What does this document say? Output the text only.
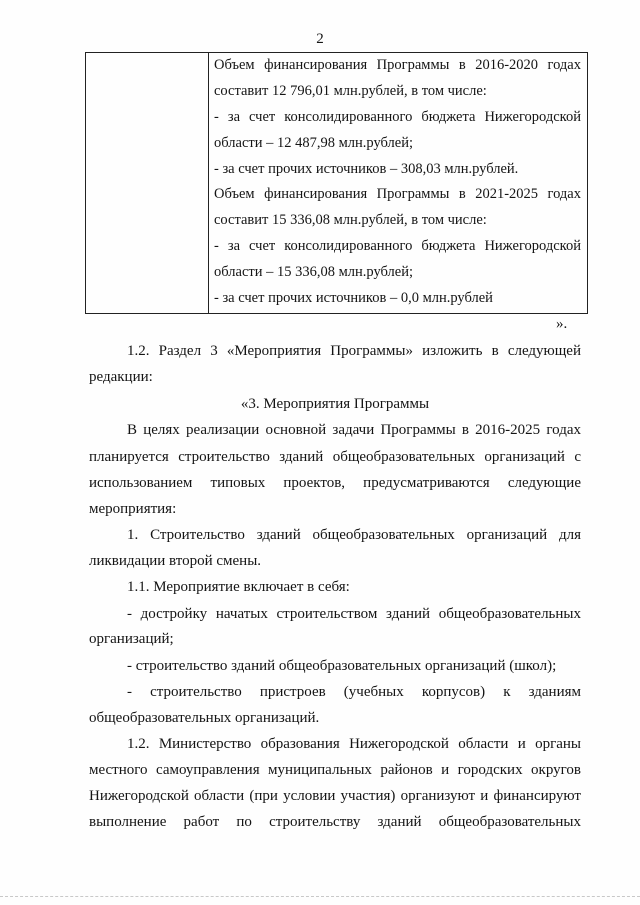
2
Объем финансирования Программы в 2016-2020 годах
составит 12 796,01 млн.рублей, в том числе:
- за счет консолидированного бюджета Нижегородской
области – 12 487,98 млн.рублей;
- за счет прочих источников – 308,03 млн.рублей.
Объем финансирования Программы в 2021-2025 годах
составит 15 336,08 млн.рублей, в том числе:
- за счет консолидированного бюджета Нижегородской
области – 15 336,08 млн.рублей;
- за счет прочих источников – 0,0 млн.рублей
».
1.2. Раздел 3 «Мероприятия Программы» изложить в следующей
редакции:
«3. Мероприятия Программы
В целях реализации основной задачи Программы в 2016-2025 годах
планируется строительство зданий общеобразовательных организаций с
использованием типовых проектов, предусматриваются следующие
мероприятия:
1. Строительство зданий общеобразовательных организаций для
ликвидации второй смены.
1.1. Мероприятие включает в себя:
- достройку начатых строительством зданий общеобразовательных
организаций;
- строительство зданий общеобразовательных организаций (школ);
- строительство пристроев (учебных корпусов) к зданиям
общеобразовательных организаций.
1.2. Министерство образования Нижегородской области и органы
местного самоуправления муниципальных районов и городских округов
Нижегородской области (при условии участия) организуют и финансируют
выполнение работ по строительству зданий общеобразовательных
